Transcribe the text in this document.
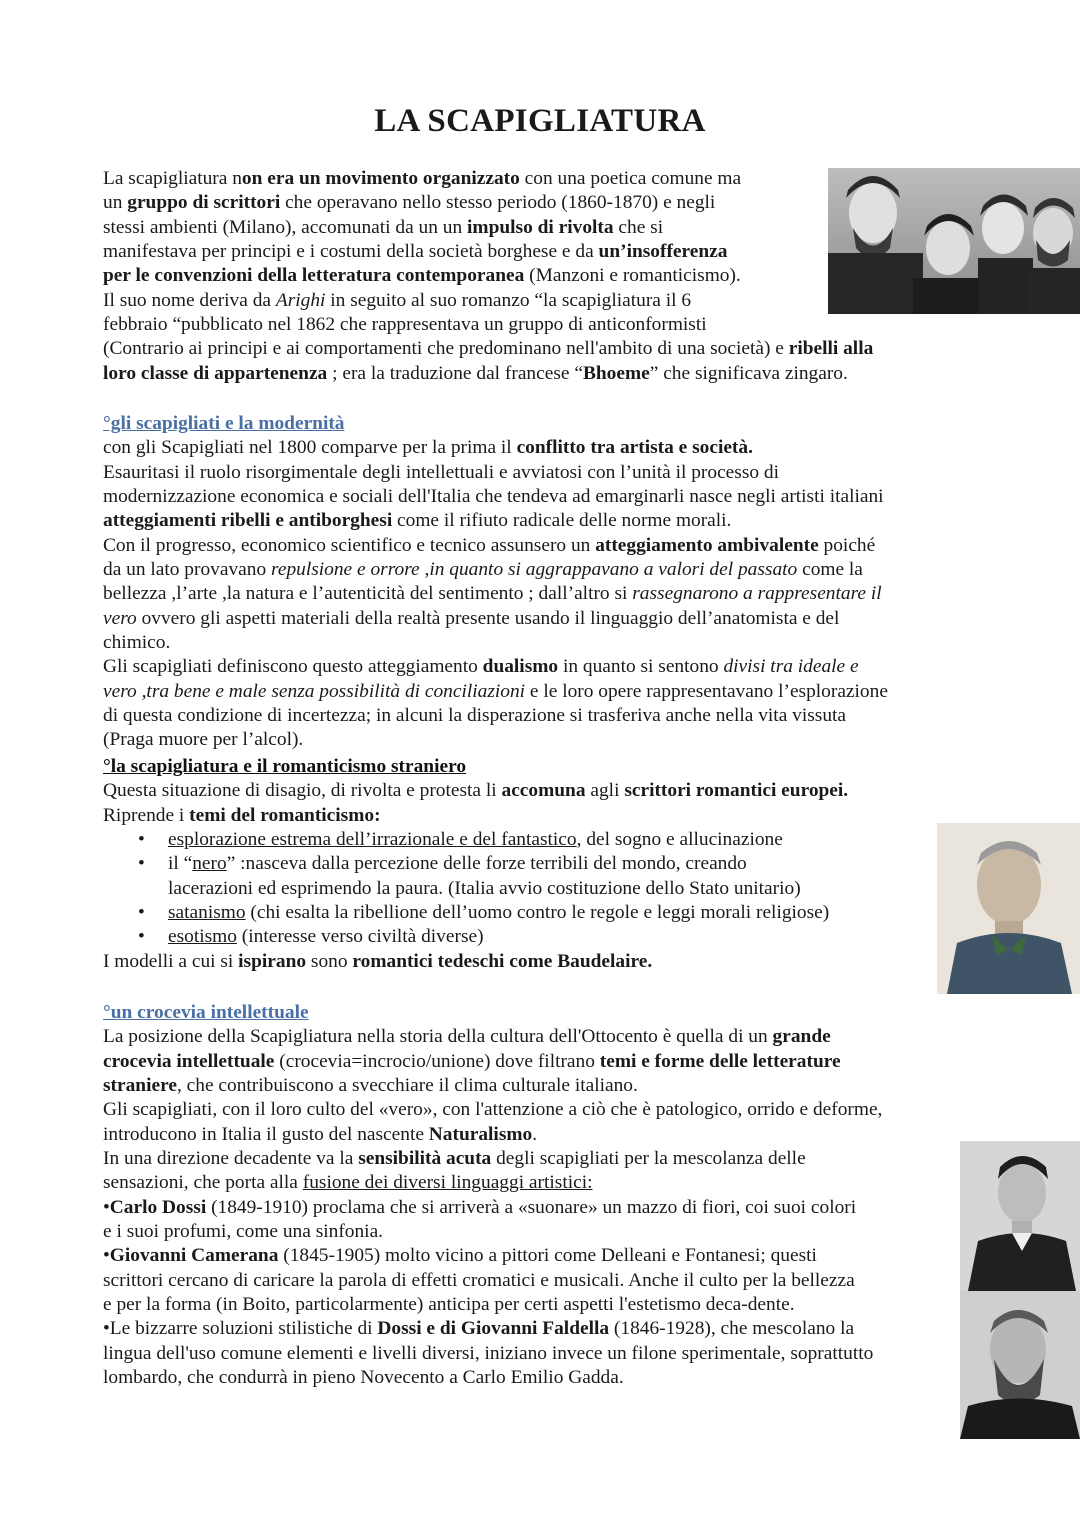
LA SCAPIGLIATURA

La scapigliatura non era un movimento organizzato con una poetica comune ma

un gruppo di scrittori che operavano nello stesso periodo (1860-1870) e negli

stessi ambienti (Milano), accomunati da un un impulso di rivolta che si

manifestava per principi e i costumi della società borghese e da un’insofferenza

per le convenzioni della letteratura contemporanea (Manzoni e romanticismo).

Il suo nome deriva da Arighi in seguito al suo romanzo “la scapigliatura il 6

febbraio “pubblicato nel 1862 che rappresentava un gruppo di anticonformisti

(Contrario ai principi e ai comportamenti che predominano nell'ambito di una società) e ribelli alla

loro classe di appartenenza ; era la traduzione dal francese “Bhoeme” che significava zingaro.

°gli scapigliati e la modernità

con gli Scapigliati nel 1800 comparve per la prima il conflitto tra artista e società.

Esauritasi il ruolo risorgimentale degli intellettuali e avviatosi con l’unità il processo di

modernizzazione economica e sociali dell'Italia che tendeva ad emarginarli nasce negli artisti italiani

atteggiamenti ribelli e antiborghesi come il rifiuto radicale delle norme morali.

Con il progresso, economico scientifico e tecnico assunsero un atteggiamento ambivalente poiché

da un lato provavano repulsione e orrore ,in quanto si aggrappavano a valori del passato come la

bellezza ,l’arte ,la natura e l’autenticità del sentimento ; dall’altro si rassegnarono a rappresentare il

vero ovvero gli aspetti materiali della realtà presente usando il linguaggio dell’anatomista e del

chimico.

Gli scapigliati definiscono questo atteggiamento dualismo in quanto si sentono divisi tra ideale e

vero ,tra bene e male senza possibilità di conciliazioni e le loro opere rappresentavano l’esplorazione

di questa condizione di incertezza; in alcuni la disperazione si trasferiva anche nella vita vissuta

(Praga muore per l’alcol).

°la scapigliatura e il romanticismo straniero

Questa situazione di disagio, di rivolta e protesta li accomuna agli scrittori romantici europei.

Riprende i temi del romanticismo:

• esplorazione estrema dell’irrazionale e del fantastico, del sogno e allucinazione
• il “nero” :nasceva dalla percezione delle forze terribili del mondo, creando
lacerazioni ed esprimendo la paura. (Italia avvio costituzione dello Stato unitario)
• satanismo (chi esalta la ribellione dell’uomo contro le regole e leggi morali religiose)
• esotismo (interesse verso civiltà diverse)

I modelli a cui si ispirano sono romantici tedeschi come Baudelaire.

°un crocevia intellettuale

La posizione della Scapigliatura nella storia della cultura dell'Ottocento è quella di un grande

crocevia intellettuale (crocevia=incrocio/unione) dove filtrano temi e forme delle letterature

straniere, che contribuiscono a svecchiare il clima culturale italiano.

Gli scapigliati, con il loro culto del «vero», con l'attenzione a ciò che è patologico, orrido e deforme,

introducono in Italia il gusto del nascente Naturalismo.

In una direzione decadente va la sensibilità acuta degli scapigliati per la mescolanza delle

sensazioni, che porta alla fusione dei diversi linguaggi artistici:

•Carlo Dossi (1849-1910) proclama che si arriverà a «suonare» un mazzo di fiori, coi suoi colori

e i suoi profumi, come una sinfonia.

•Giovanni Camerana (1845-1905) molto vicino a pittori come Delleani e Fontanesi; questi

scrittori cercano di caricare la parola di effetti cromatici e musicali. Anche il culto per la bellezza

e per la forma (in Boito, particolarmente) anticipa per certi aspetti l'estetismo deca-dente.

•Le bizzarre soluzioni stilistiche di Dossi e di Giovanni Faldella (1846-1928), che mescolano la

lingua dell'uso comune elementi e livelli diversi, iniziano invece un filone sperimentale, soprattutto

lombardo, che condurrà in pieno Novecento a Carlo Emilio Gadda.
